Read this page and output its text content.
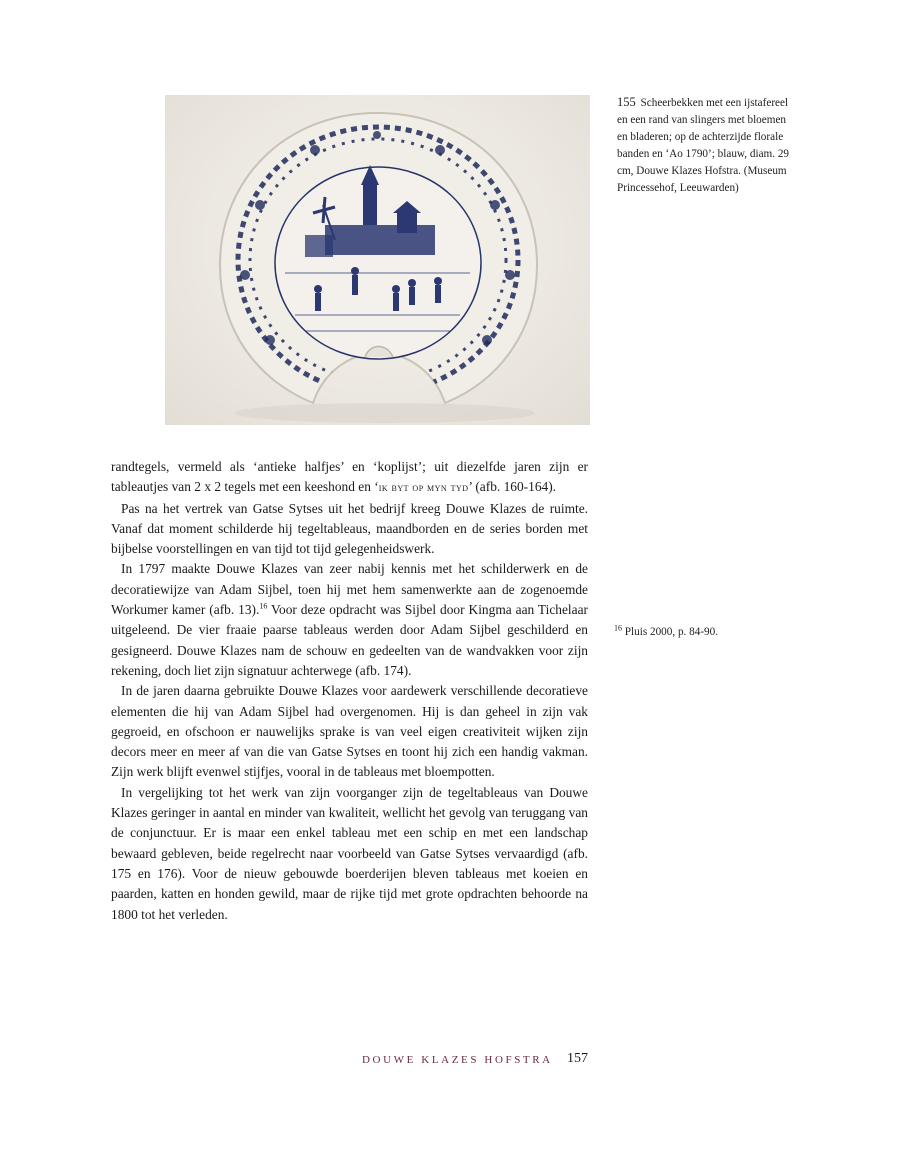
155 Scheerbekken met een ijstafereel en een rand van slingers met bloemen en bladeren; op de achterzijde florale banden en ‘Ao 1790’; blauw, diam. 29 cm, Douwe Klazes Hofstra. (Museum Princessehof, Leeuwarden)

randtegels, vermeld als ‘antieke halfjes’ en ‘koplijst’; uit diezelfde jaren zijn er tableautjes van 2 x 2 tegels met een keeshond en ‘ik byt op myn tyd’ (afb. 160-164).

Pas na het vertrek van Gatse Sytses uit het bedrijf kreeg Douwe Klazes de ruimte. Vanaf dat moment schilderde hij tegeltableaus, maandborden en de series borden met bijbelse voorstellingen en van tijd tot tijd gelegenheidswerk.

In 1797 maakte Douwe Klazes van zeer nabij kennis met het schilderwerk en de decoratiewijze van Adam Sijbel, toen hij met hem samenwerkte aan de zogenoemde Workumer kamer (afb. 13).$^{16}$ Voor deze opdracht was Sijbel door Kingma aan Tichelaar uitgeleend. De vier fraaie paarse tableaus werden door Adam Sijbel geschilderd en gesigneerd. Douwe Klazes nam de schouw en gedeelten van de wandvakken voor zijn rekening, doch liet zijn signatuur achterwege (afb. 174).

In de jaren daarna gebruikte Douwe Klazes voor aardewerk verschillende decoratieve elementen die hij van Adam Sijbel had overgenomen. Hij is dan geheel in zijn vak gegroeid, en ofschoon er nauwelijks sprake is van veel eigen creativiteit wijken zijn decors meer en meer af van die van Gatse Sytses en toont hij zich een handig vakman. Zijn werk blijft evenwel stijfjes, vooral in de tableaus met bloempotten.

In vergelijking tot het werk van zijn voorganger zijn de tegeltableaus van Douwe Klazes geringer in aantal en minder van kwaliteit, wellicht het gevolg van teruggang van de conjunctuur. Er is maar een enkel tableau met een schip en met een landschap bewaard gebleven, beide regelrecht naar voorbeeld van Gatse Sytses vervaardigd (afb. 175 en 176). Voor de nieuw gebouwde boerderijen bleven tableaus met koeien en paarden, katten en honden gewild, maar de rijke tijd met grote opdrachten behoorde na 1800 tot het verleden.

$^{16}$ Pluis 2000, p. 84-90.
DOUWE KLAZES HOFSTRA 157
